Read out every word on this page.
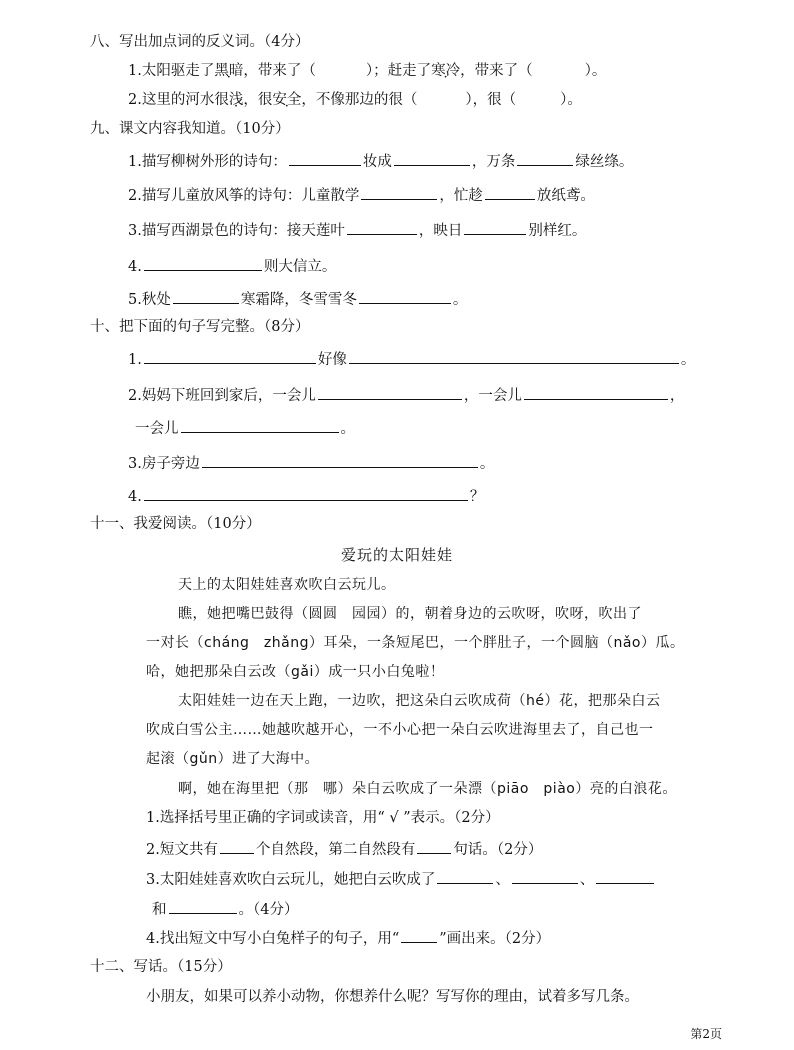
八、写出加点词的反义词。（4分）
1.太阳驱走了黑暗，带来了（	）；赶走了寒冷，带来了（	）。
2.这里的河水很浅，很安全，不像那边的很（	），很（	）。
九、课文内容我知道。（10分）
1.描写柳树外形的诗句：	妆成	，万条	绿丝绦。
2.描写儿童放风筝的诗句：儿童散学	，忙趁	放纸鸢。
3.描写西湖景色的诗句：接天莲叶	，映日	别样红。
4.	则大信立。
5.秋处	寒霜降，冬雪雪冬	。
十、把下面的句子写完整。（8分）
1.	好像	。
2.妈妈下班回到家后，一会儿	，一会儿	，
一会儿	。
3.房子旁边	。
4.	？
十一、我爱阅读。（10分）
爱玩的太阳娃娃
天上的太阳娃娃喜欢吹白云玩儿。
瞧，她把嘴巴鼓得（圆圆　园园）的，朝着身边的云吹呀，吹呀，吹出了
一对长（cháng　zhǎng）耳朵，一条短尾巴，一个胖肚子，一个圆脑（nǎo）瓜。
哈，她把那朵白云改（gǎi）成一只小白兔啦！
太阳娃娃一边在天上跑，一边吹，把这朵白云吹成荷（hé）花，把那朵白云
吹成白雪公主……她越吹越开心，一不小心把一朵白云吹进海里去了，自己也一
起滚（gǔn）进了大海中。
啊，她在海里把（那　哪）朵白云吹成了一朵漂（piāo　piào）亮的白浪花。
1.选择括号里正确的字词或读音，用“ √ ”表示。（2分）
2.短文共有	个自然段，第二自然段有	句话。（2分）
3.太阳娃娃喜欢吹白云玩儿，她把白云吹成了	、	、
和	。（4分）
4.找出短文中写小白兔样子的句子，用“	”画出来。（2分）
十二、写话。（15分）
小朋友，如果可以养小动物，你想养什么呢？写写你的理由，试着多写几条。
第2页
